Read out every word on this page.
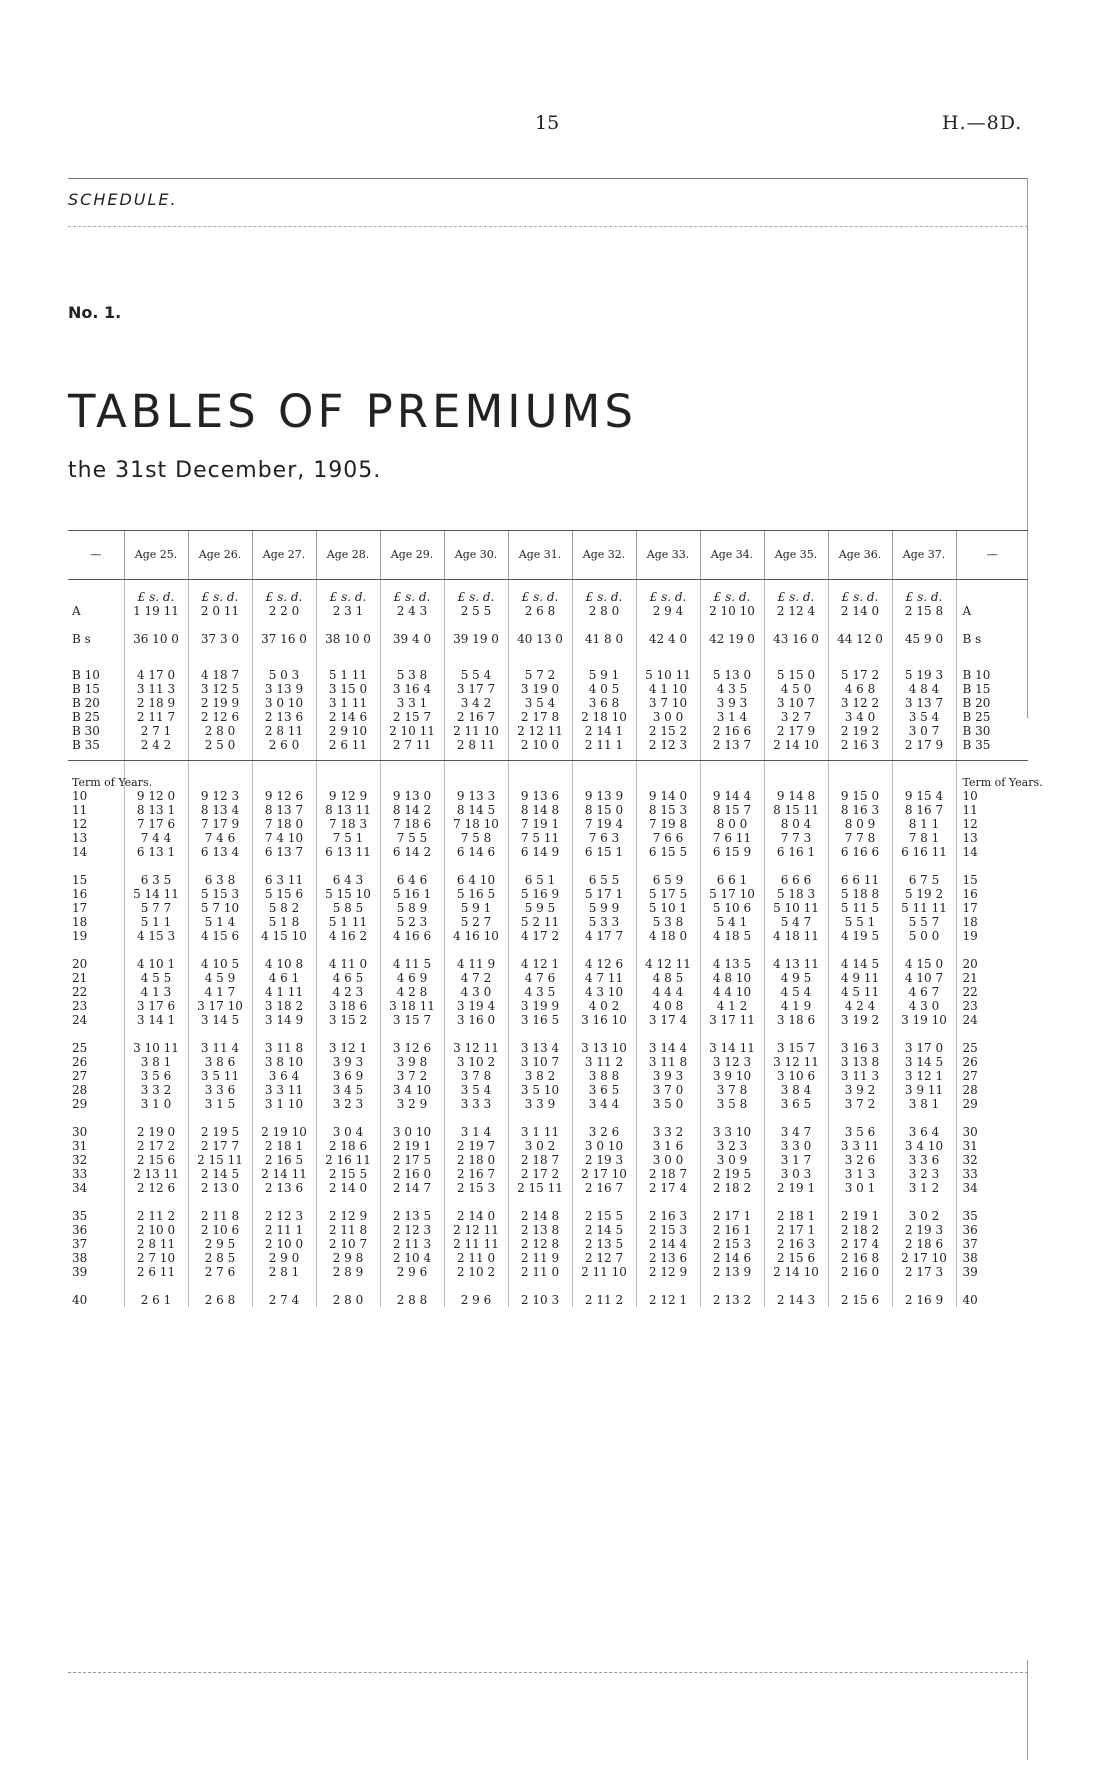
15	H.—8D.
SCHEDULE.
No. 1.
TABLES OF PREMIUMS
the 31st December, 1905.
—	Age 25.	Age 26.	Age 27.	Age 28.	Age 29.	Age 30.	Age 31.	Age 32.	Age 33.	Age 34.	Age 35.	Age 36.	Age 37.	—
	£ s. d.	£ s. d.	£ s. d.	£ s. d.	£ s. d.	£ s. d.	£ s. d.	£ s. d.	£ s. d.	£ s. d.	£ s. d.	£ s. d.	£ s. d.	
A	1 19 11	2 0 11	2 2 0	2 3 1	2 4 3	2 5 5	2 6 8	2 8 0	2 9 4	2 10 10	2 12 4	2 14 0	2 15 8	A
B s	36 10 0	37 3 0	37 16 0	38 10 0	39 4 0	39 19 0	40 13 0	41 8 0	42 4 0	42 19 0	43 16 0	44 12 0	45 9 0	B s
B 10	4 17 0	4 18 7	5 0 3	5 1 11	5 3 8	5 5 4	5 7 2	5 9 1	5 10 11	5 13 0	5 15 0	5 17 2	5 19 3	B 10
B 15	3 11 3	3 12 5	3 13 9	3 15 0	3 16 4	3 17 7	3 19 0	4 0 5	4 1 10	4 3 5	4 5 0	4 6 8	4 8 4	B 15
B 20	2 18 9	2 19 9	3 0 10	3 1 11	3 3 1	3 4 2	3 5 4	3 6 8	3 7 10	3 9 3	3 10 7	3 12 2	3 13 7	B 20
B 25	2 11 7	2 12 6	2 13 6	2 14 6	2 15 7	2 16 7	2 17 8	2 18 10	3 0 0	3 1 4	3 2 7	3 4 0	3 5 4	B 25
B 30	2 7 1	2 8 0	2 8 11	2 9 10	2 10 11	2 11 10	2 12 11	2 14 1	2 15 2	2 16 6	2 17 9	2 19 2	3 0 7	B 30
B 35	2 4 2	2 5 0	2 6 0	2 6 11	2 7 11	2 8 11	2 10 0	2 11 1	2 12 3	2 13 7	2 14 10	2 16 3	2 17 9	B 35
Term of Years.														Term of Years.
10	9 12 0	9 12 3	9 12 6	9 12 9	9 13 0	9 13 3	9 13 6	9 13 9	9 14 0	9 14 4	9 14 8	9 15 0	9 15 4	10
11	8 13 1	8 13 4	8 13 7	8 13 11	8 14 2	8 14 5	8 14 8	8 15 0	8 15 3	8 15 7	8 15 11	8 16 3	8 16 7	11
12	7 17 6	7 17 9	7 18 0	7 18 3	7 18 6	7 18 10	7 19 1	7 19 4	7 19 8	8 0 0	8 0 4	8 0 9	8 1 1	12
13	7 4 4	7 4 6	7 4 10	7 5 1	7 5 5	7 5 8	7 5 11	7 6 3	7 6 6	7 6 11	7 7 3	7 7 8	7 8 1	13
14	6 13 1	6 13 4	6 13 7	6 13 11	6 14 2	6 14 6	6 14 9	6 15 1	6 15 5	6 15 9	6 16 1	6 16 6	6 16 11	14
15	6 3 5	6 3 8	6 3 11	6 4 3	6 4 6	6 4 10	6 5 1	6 5 5	6 5 9	6 6 1	6 6 6	6 6 11	6 7 5	15
16	5 14 11	5 15 3	5 15 6	5 15 10	5 16 1	5 16 5	5 16 9	5 17 1	5 17 5	5 17 10	5 18 3	5 18 8	5 19 2	16
17	5 7 7	5 7 10	5 8 2	5 8 5	5 8 9	5 9 1	5 9 5	5 9 9	5 10 1	5 10 6	5 10 11	5 11 5	5 11 11	17
18	5 1 1	5 1 4	5 1 8	5 1 11	5 2 3	5 2 7	5 2 11	5 3 3	5 3 8	5 4 1	5 4 7	5 5 1	5 5 7	18
19	4 15 3	4 15 6	4 15 10	4 16 2	4 16 6	4 16 10	4 17 2	4 17 7	4 18 0	4 18 5	4 18 11	4 19 5	5 0 0	19
20	4 10 1	4 10 5	4 10 8	4 11 0	4 11 5	4 11 9	4 12 1	4 12 6	4 12 11	4 13 5	4 13 11	4 14 5	4 15 0	20
21	4 5 5	4 5 9	4 6 1	4 6 5	4 6 9	4 7 2	4 7 6	4 7 11	4 8 5	4 8 10	4 9 5	4 9 11	4 10 7	21
22	4 1 3	4 1 7	4 1 11	4 2 3	4 2 8	4 3 0	4 3 5	4 3 10	4 4 4	4 4 10	4 5 4	4 5 11	4 6 7	22
23	3 17 6	3 17 10	3 18 2	3 18 6	3 18 11	3 19 4	3 19 9	4 0 2	4 0 8	4 1 2	4 1 9	4 2 4	4 3 0	23
24	3 14 1	3 14 5	3 14 9	3 15 2	3 15 7	3 16 0	3 16 5	3 16 10	3 17 4	3 17 11	3 18 6	3 19 2	3 19 10	24
25	3 10 11	3 11 4	3 11 8	3 12 1	3 12 6	3 12 11	3 13 4	3 13 10	3 14 4	3 14 11	3 15 7	3 16 3	3 17 0	25
26	3 8 1	3 8 6	3 8 10	3 9 3	3 9 8	3 10 2	3 10 7	3 11 2	3 11 8	3 12 3	3 12 11	3 13 8	3 14 5	26
27	3 5 6	3 5 11	3 6 4	3 6 9	3 7 2	3 7 8	3 8 2	3 8 8	3 9 3	3 9 10	3 10 6	3 11 3	3 12 1	27
28	3 3 2	3 3 6	3 3 11	3 4 5	3 4 10	3 5 4	3 5 10	3 6 5	3 7 0	3 7 8	3 8 4	3 9 2	3 9 11	28
29	3 1 0	3 1 5	3 1 10	3 2 3	3 2 9	3 3 3	3 3 9	3 4 4	3 5 0	3 5 8	3 6 5	3 7 2	3 8 1	29
30	2 19 0	2 19 5	2 19 10	3 0 4	3 0 10	3 1 4	3 1 11	3 2 6	3 3 2	3 3 10	3 4 7	3 5 6	3 6 4	30
31	2 17 2	2 17 7	2 18 1	2 18 6	2 19 1	2 19 7	3 0 2	3 0 10	3 1 6	3 2 3	3 3 0	3 3 11	3 4 10	31
32	2 15 6	2 15 11	2 16 5	2 16 11	2 17 5	2 18 0	2 18 7	2 19 3	3 0 0	3 0 9	3 1 7	3 2 6	3 3 6	32
33	2 13 11	2 14 5	2 14 11	2 15 5	2 16 0	2 16 7	2 17 2	2 17 10	2 18 7	2 19 5	3 0 3	3 1 3	3 2 3	33
34	2 12 6	2 13 0	2 13 6	2 14 0	2 14 7	2 15 3	2 15 11	2 16 7	2 17 4	2 18 2	2 19 1	3 0 1	3 1 2	34
35	2 11 2	2 11 8	2 12 3	2 12 9	2 13 5	2 14 0	2 14 8	2 15 5	2 16 3	2 17 1	2 18 1	2 19 1	3 0 2	35
36	2 10 0	2 10 6	2 11 1	2 11 8	2 12 3	2 12 11	2 13 8	2 14 5	2 15 3	2 16 1	2 17 1	2 18 2	2 19 3	36
37	2 8 11	2 9 5	2 10 0	2 10 7	2 11 3	2 11 11	2 12 8	2 13 5	2 14 4	2 15 3	2 16 3	2 17 4	2 18 6	37
38	2 7 10	2 8 5	2 9 0	2 9 8	2 10 4	2 11 0	2 11 9	2 12 7	2 13 6	2 14 6	2 15 6	2 16 8	2 17 10	38
39	2 6 11	2 7 6	2 8 1	2 8 9	2 9 6	2 10 2	2 11 0	2 11 10	2 12 9	2 13 9	2 14 10	2 16 0	2 17 3	39
40	2 6 1	2 6 8	2 7 4	2 8 0	2 8 8	2 9 6	2 10 3	2 11 2	2 12 1	2 13 2	2 14 3	2 15 6	2 16 9	40
